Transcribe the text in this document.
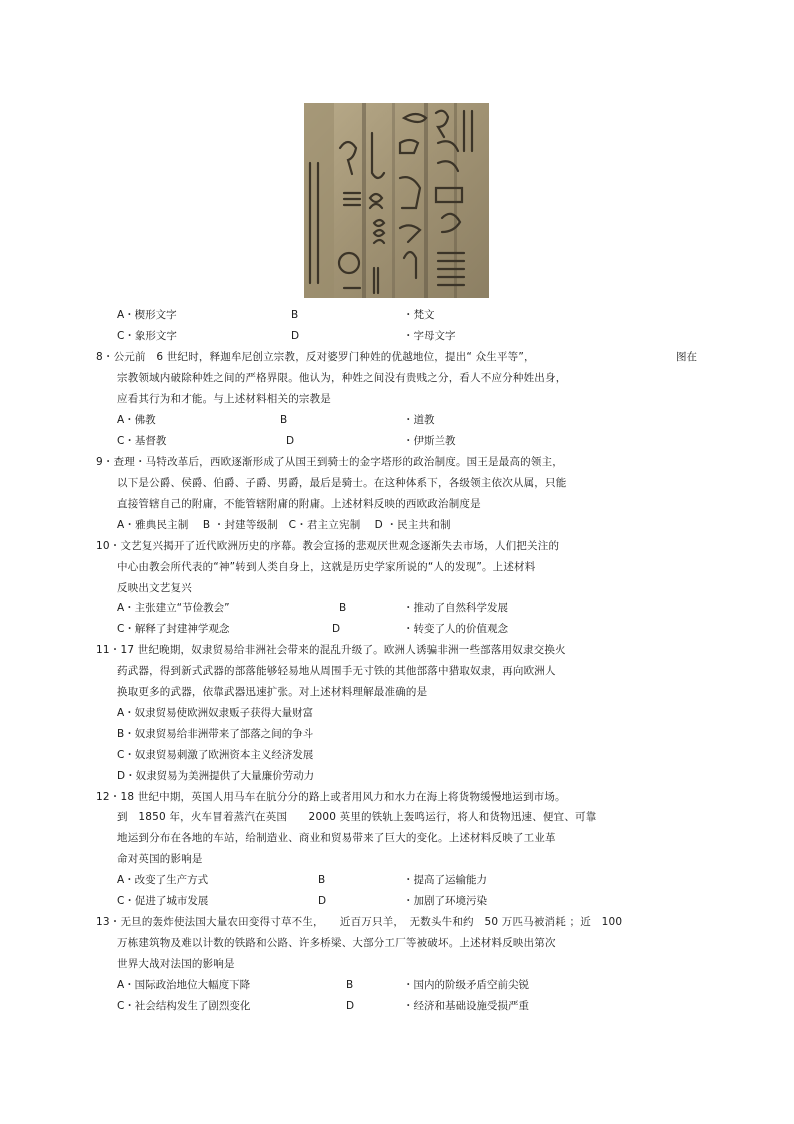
A・楔形文字	B	・梵文
C・象形文字	D	・字母文字
8・公元前　6 世纪时，释迦牟尼创立宗教，反对婆罗门种姓的优越地位，提出“ 众生平等”，	图在
宗教领域内破除种姓之间的严格界限。他认为，种姓之间没有贵贱之分，看人不应分种姓出身，
应看其行为和才能。与上述材料相关的宗教是
A・佛教	B	・道教
C・基督教	D	・伊斯兰教
9・查理・马特改革后，西欧逐渐形成了从国王到骑士的金字塔形的政治制度。国王是最高的领主，
以下是公爵、侯爵、伯爵、子爵、男爵，最后是骑士。在这种体系下，各级领主依次从属，只能
直接管辖自己的附庸，不能管辖附庸的附庸。上述材料反映的西欧政治制度是
A・雅典民主制　 B ・封建等级制　C・君主立宪制　 D ・民主共和制
10・文艺复兴揭开了近代欧洲历史的序幕。教会宣扬的悲观厌世观念逐渐失去市场，人们把关注的
中心由教会所代表的“神”转到人类自身上，这就是历史学家所说的“人的发现”。上述材料
反映出文艺复兴
A・主张建立“节俭教会”	B	・推动了自然科学发展
C・解释了封建神学观念	D	・转变了人的价值观念
11・17 世纪晚期，奴隶贸易给非洲社会带来的混乱升级了。欧洲人诱骗非洲一些部落用奴隶交换火
药武器，得到新式武器的部落能够轻易地从周围手无寸铁的其他部落中猎取奴隶，再向欧洲人
换取更多的武器，依靠武器迅速扩张。对上述材料理解最准确的是
A・奴隶贸易使欧洲奴隶贩子获得大量财富
B・奴隶贸易给非洲带来了部落之间的争斗
C・奴隶贸易刺激了欧洲资本主义经济发展
D・奴隶贸易为美洲提供了大量廉价劳动力
12・18 世纪中期，英国人用马车在肮分分的路上或者用风力和水力在海上将货物缓慢地运到市场。
到　1850 年，火车冒着蒸汽在英国　　2000 英里的铁轨上轰鸣运行，将人和货物迅速、便宜、可靠
地运到分布在各地的车站，给制造业、商业和贸易带来了巨大的变化。上述材料反映了工业革
命对英国的影响是
A・改变了生产方式	B	・提高了运输能力
C・促进了城市发展	D	・加剧了环境污染
13・无旦的轰炸使法国大量农田变得寸草不生，　　近百万只羊，　无数头牛和约　50 万匹马被消耗 ；近　100
万栋建筑物及难以计数的铁路和公路、许多桥梁、大部分工厂等被破坏。上述材料反映出第次
世界大战对法国的影响是
A・国际政治地位大幅度下降	B	・国内的阶级矛盾空前尖锐
C・社会结构发生了剧烈变化	D	・经济和基础设施受损严重
